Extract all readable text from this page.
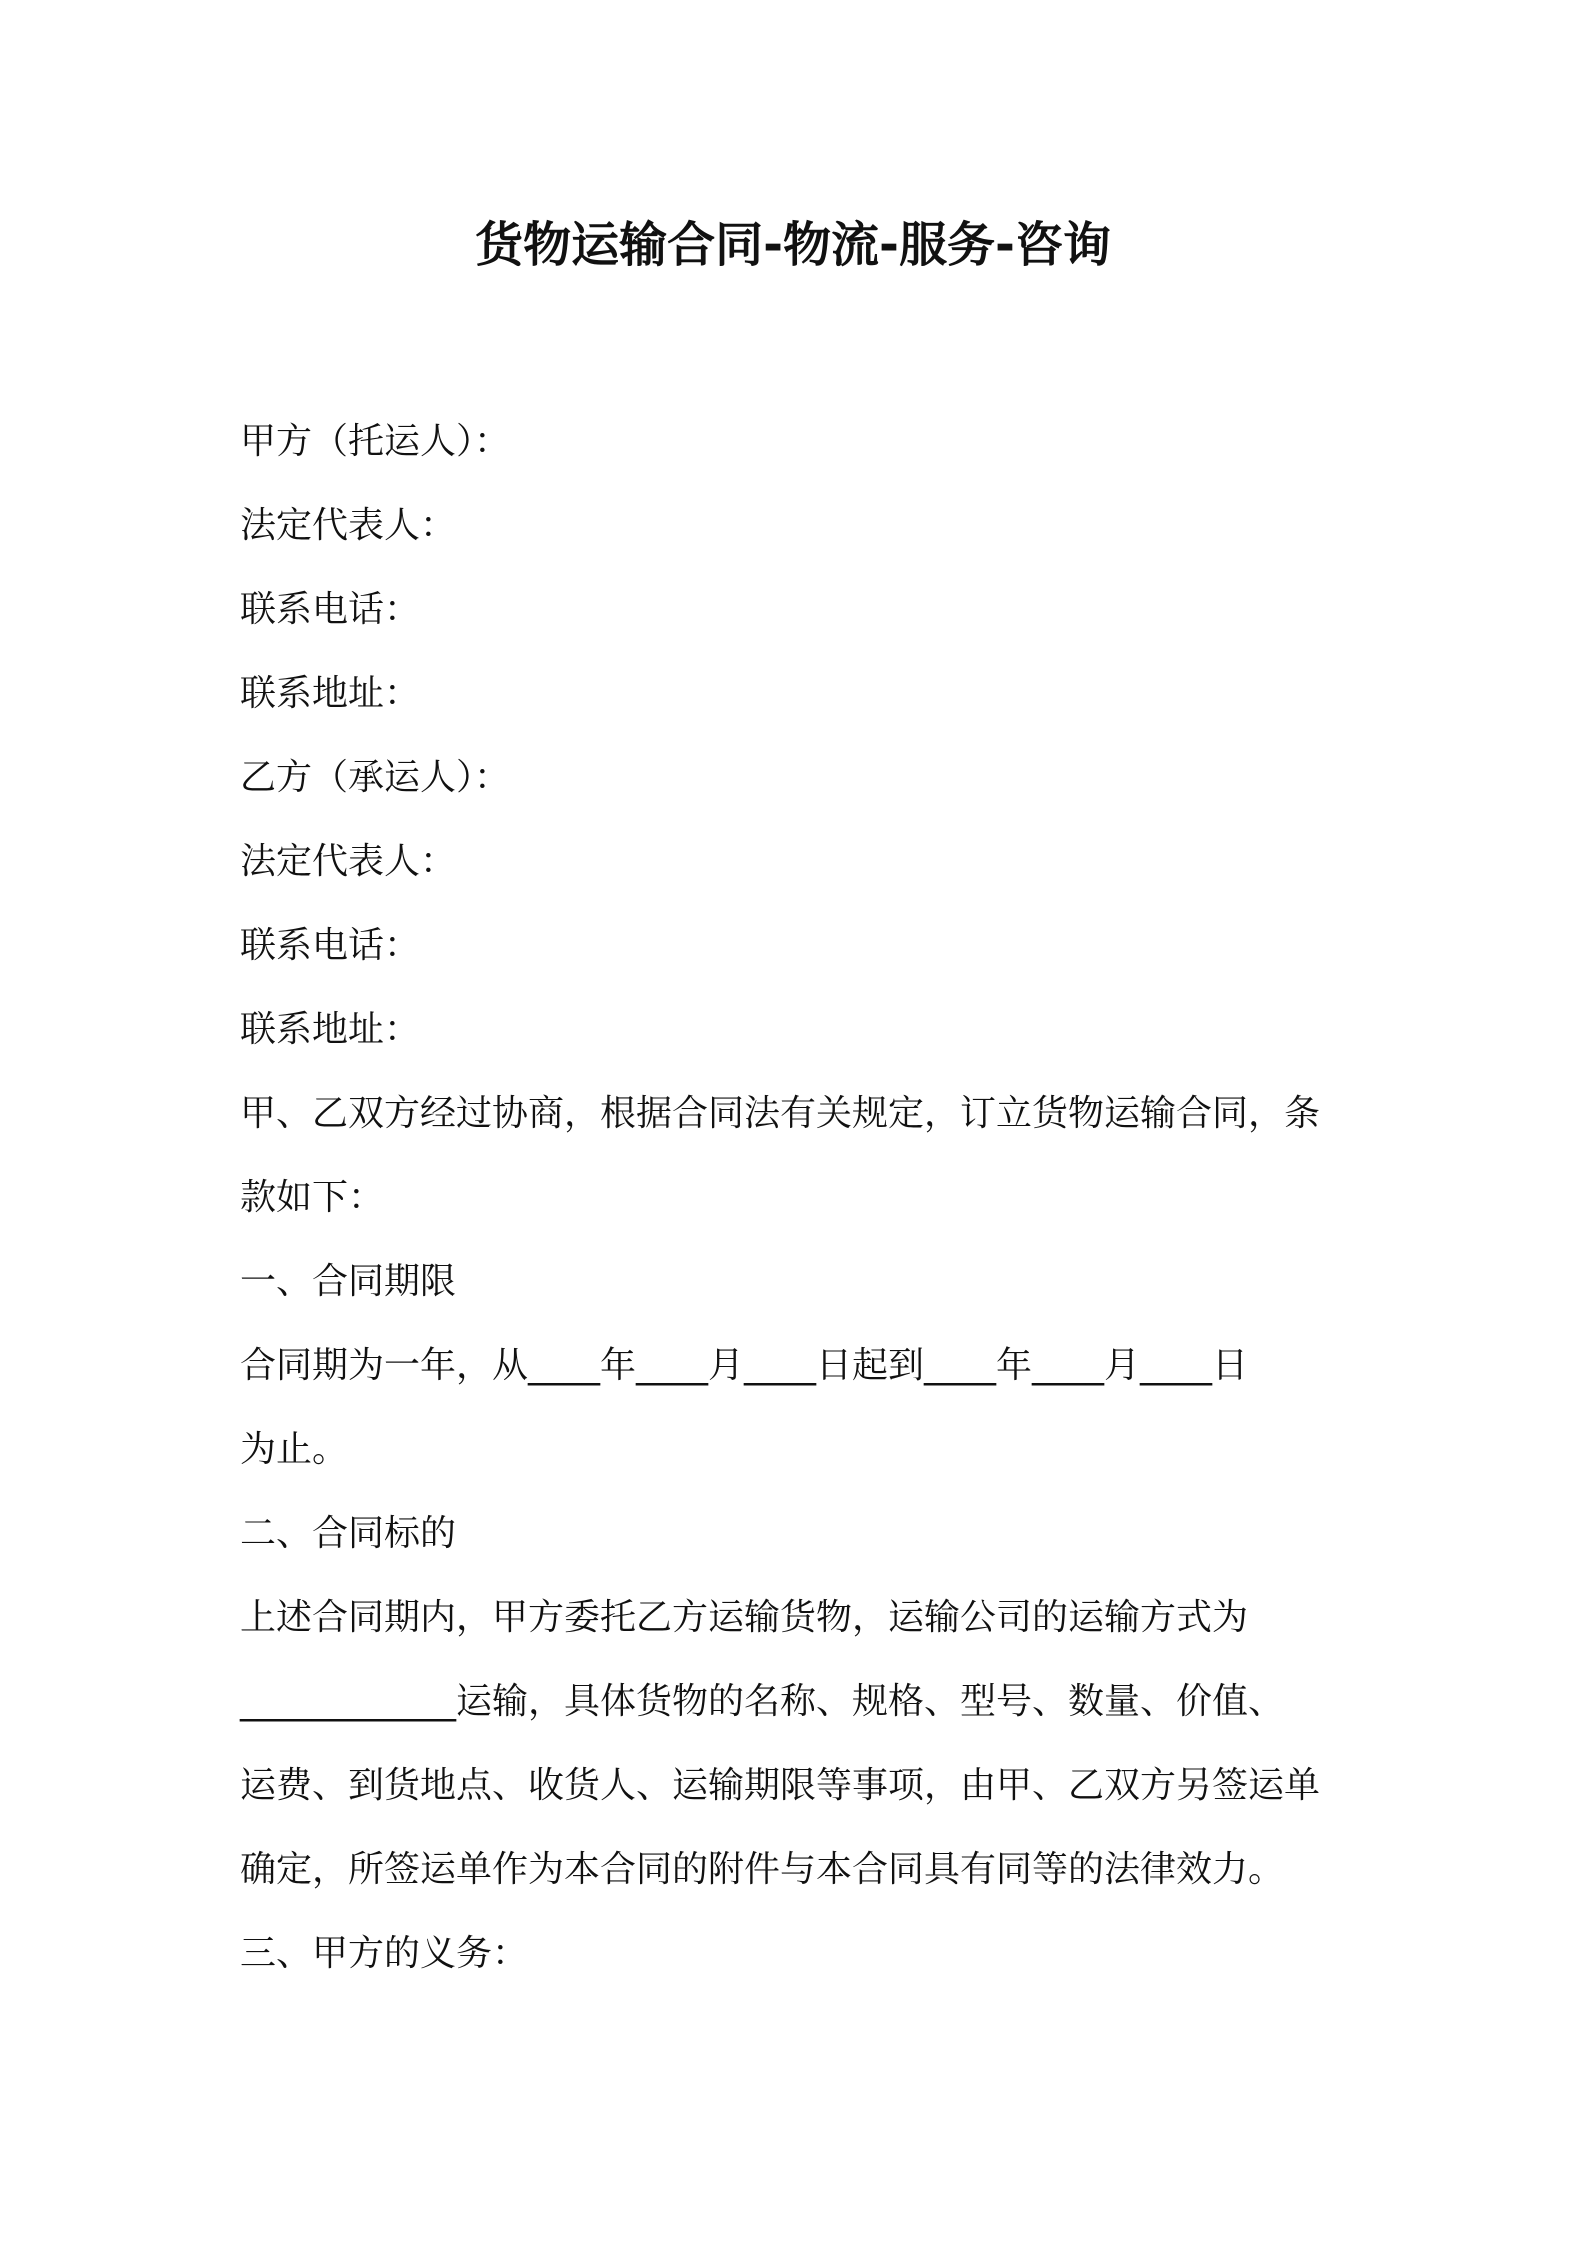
货物运输合同-物流-服务-咨询
甲方（托运人）：
法定代表人：
联系电话：
联系地址：
乙方（承运人）：
法定代表人：
联系电话：
联系地址：
甲、乙双方经过协商，根据合同法有关规定，订立货物运输合同，条
款如下：
一、合同期限
合同期为一年，从____年____月____日起到____年____月____日
为止。
二、合同标的
上述合同期内，甲方委托乙方运输货物，运输公司的运输方式为
____________运输，具体货物的名称、规格、型号、数量、价值、
运费、到货地点、收货人、运输期限等事项，由甲、乙双方另签运单
确定，所签运单作为本合同的附件与本合同具有同等的法律效力。
三、甲方的义务：
